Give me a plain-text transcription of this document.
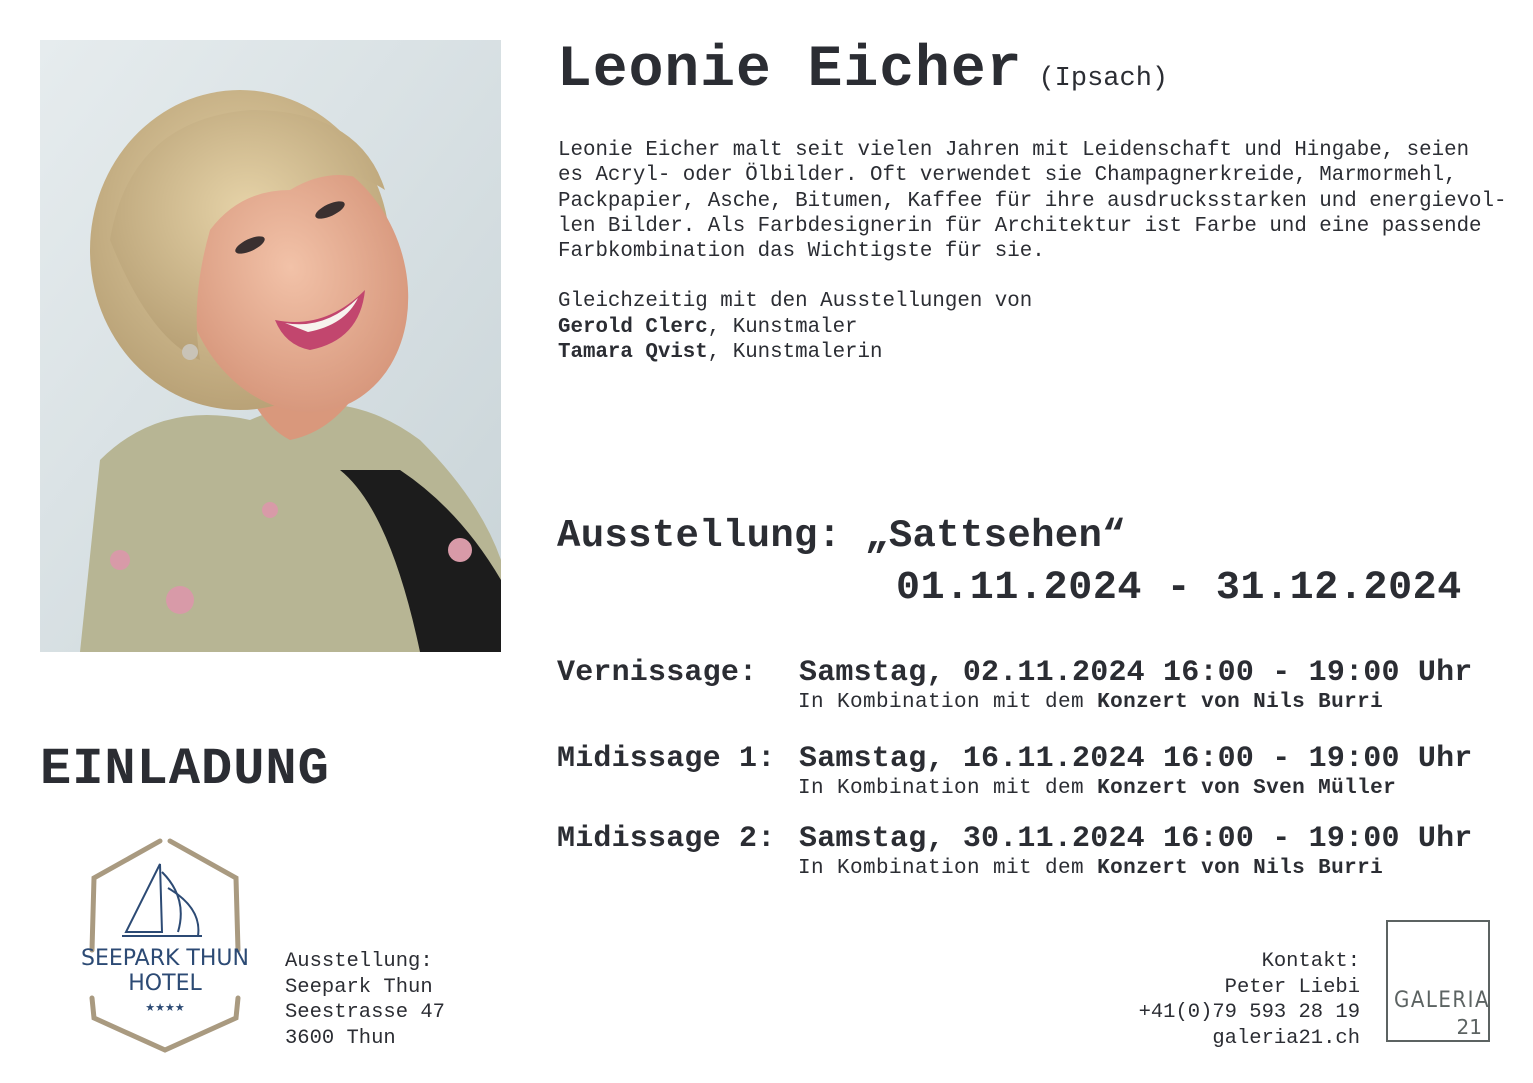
Leonie Eicher (Ipsach)
Leonie Eicher malt seit vielen Jahren mit Leidenschaft und Hingabe, seien
es Acryl- oder Ölbilder. Oft verwendet sie Champagnerkreide, Marmormehl,
Packpapier, Asche, Bitumen, Kaffee für ihre ausdrucksstarken und energievol-
len Bilder. Als Farbdesignerin für Architektur ist Farbe und eine passende
Farbkombination das Wichtigste für sie.
Gleichzeitig mit den Ausstellungen von
Gerold Clerc, Kunstmaler
Tamara Qvist, Kunstmalerin
Ausstellung: „Sattsehen“
01.11.2024 - 31.12.2024
Vernissage: Samstag, 02.11.2024 16:00 - 19:00 Uhr
In Kombination mit dem Konzert von Nils Burri
Midissage 1: Samstag, 16.11.2024 16:00 - 19:00 Uhr
In Kombination mit dem Konzert von Sven Müller
Midissage 2: Samstag, 30.11.2024 16:00 - 19:00 Uhr
In Kombination mit dem Konzert von Nils Burri
EINLADUNG
SEEPARK THUN
HOTEL
★★★★
Ausstellung:
Seepark Thun
Seestrasse 47
3600 Thun
Kontakt:
Peter Liebi
+41(0)79 593 28 19
galeria21.ch
GALERIA
21
